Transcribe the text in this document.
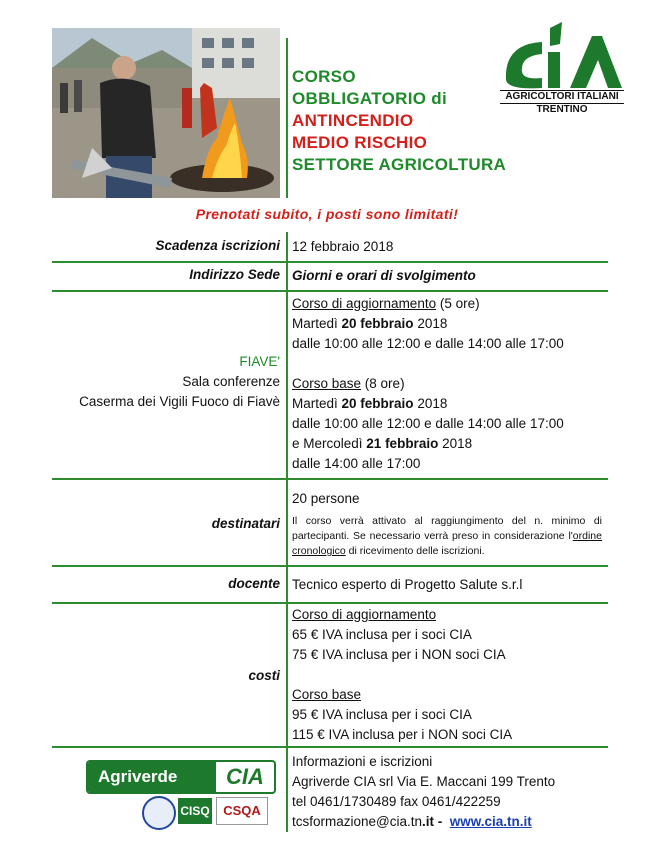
CORSO
OBBLIGATORIO di
ANTINCENDIO
MEDIO RISCHIO
SETTORE AGRICOLTURA
AGRICOLTORI ITALIANI
TRENTINO
Prenotati subito, i posti sono limitati!
Scadenza iscrizioni 12 febbraio 2018
Indirizzo Sede Giorni e orari di svolgimento
FIAVE'
Sala conferenze
Caserma dei Vigili Fuoco di Fiavè
Corso di aggiornamento (5 ore)
Martedì 20 febbraio 2018
dalle 10:00 alle 12:00 e dalle 14:00 alle 17:00
Corso base (8 ore)
Martedì 20 febbraio 2018
dalle 10:00 alle 12:00 e dalle 14:00 alle 17:00
e Mercoledì 21 febbraio 2018
dalle 14:00 alle 17:00
destinatari
20 persone
Il corso verrà attivato al raggiungimento del n. minimo di partecipanti. Se necessario verrà preso in considerazione l'ordine cronologico di ricevimento delle iscrizioni.
docente Tecnico esperto di Progetto Salute s.r.l
costi
Corso di aggiornamento
65 € IVA inclusa per i soci CIA
75 € IVA inclusa per i NON soci CIA
Corso base
95 € IVA inclusa per i soci CIA
115 € IVA inclusa per i NON soci CIA
Agriverde	CIA
CISQ	CSQA
Informazioni e iscrizioni
Agriverde CIA srl Via E. Maccani 199 Trento
tel 0461/1730489 fax 0461/422259
tcsformazione@cia.tn.it -  www.cia.tn.it
